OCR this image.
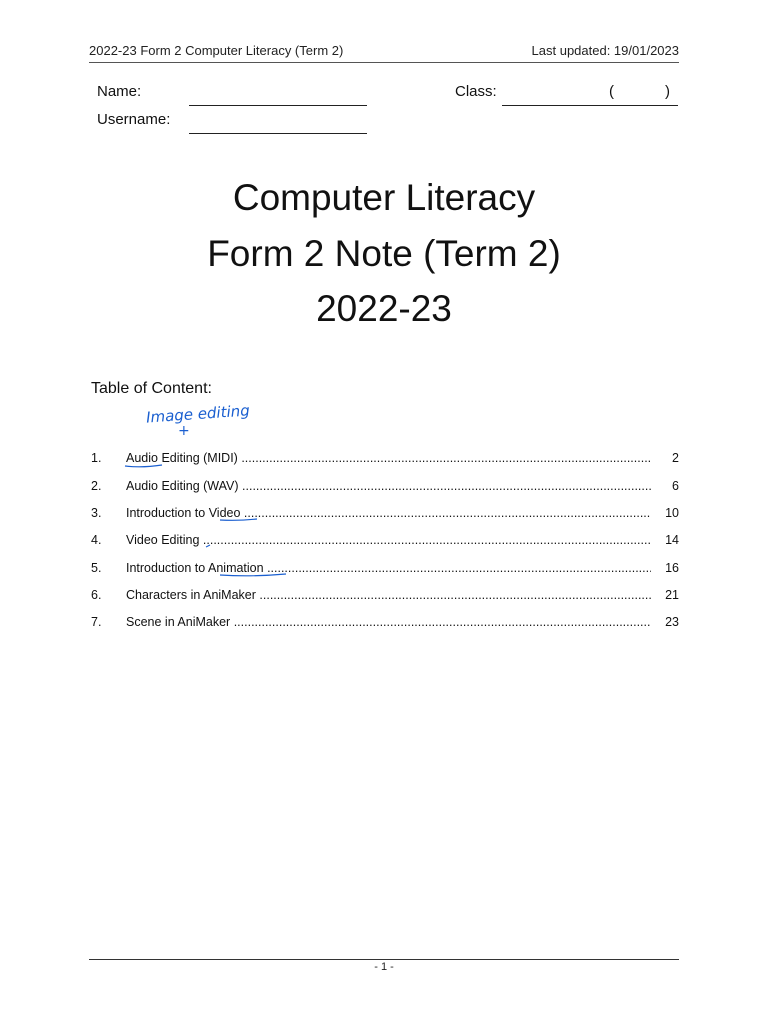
2022-23 Form 2 Computer Literacy (Term 2)	Last updated: 19/01/2023
Name:
Username:
Class:	(	)
Computer Literacy
Form 2 Note (Term 2)
2022-23
Table of Content:
Image editing
+
1. Audio Editing (MIDI) .....	2
2. Audio Editing (WAV) .....	6
3. Introduction to Video .....	10
4. Video Editing .....	14
5. Introduction to Animation .....	16
6. Characters in AniMaker .....	21
7. Scene in AniMaker .....	23
- 1 -
